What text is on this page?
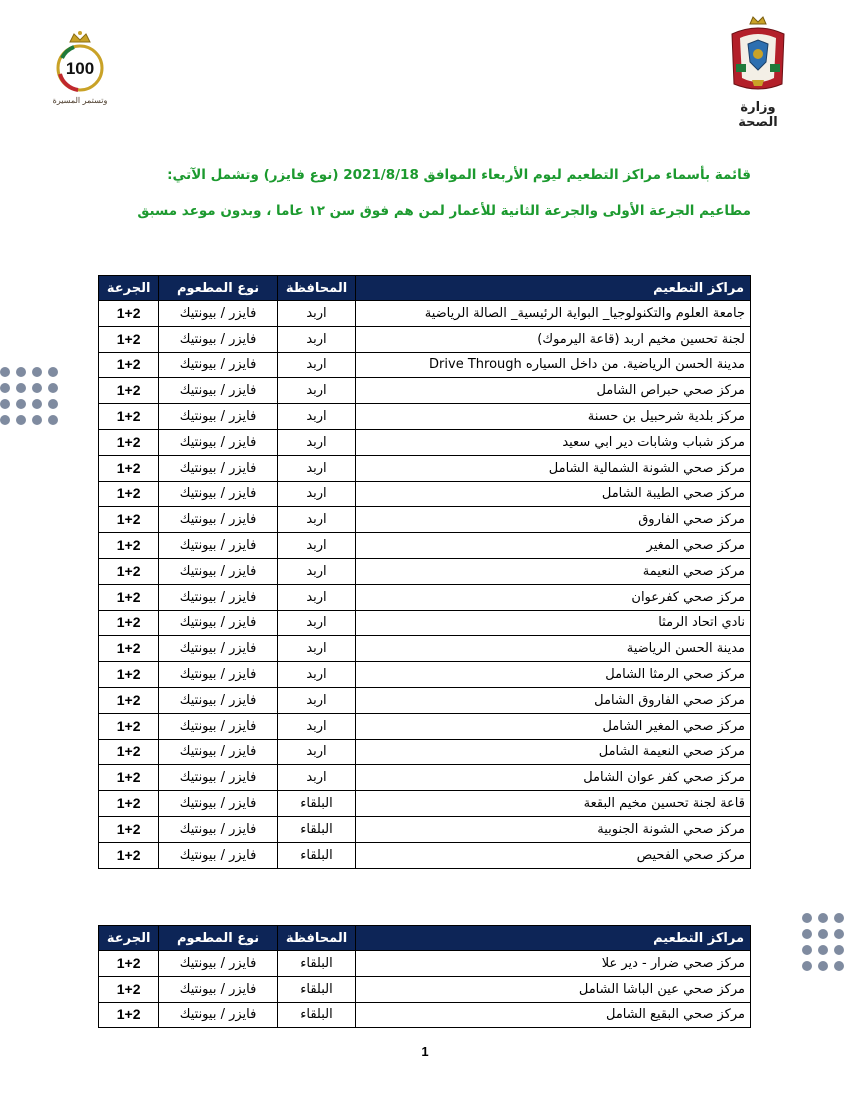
100
وتستمر المسيرة	وزارة الصحة
قائمة بأسماء مراكز التطعيم ليوم الأربعاء الموافق 2021/8/18 (نوع فايزر) وتشمل الآتي:
مطاعيم الجرعة الأولى والجرعة الثانية للأعمار لمن هم فوق سن ١٢ عاما ، وبدون موعد مسبق
مراكز التطعيم	المحافظة	نوع المطعوم	الجرعة
جامعة العلوم والتكنولوجيا_ البواية الرئيسية_ الصالة الرياضية	اربد	فايزر / بيونتيك	1+2
لجنة تحسين مخيم اربد (قاعة اليرموك)	اربد	فايزر / بيونتيك	1+2
مدينة الحسن الرياضية. من داخل السياره Drive Through	اربد	فايزر / بيونتيك	1+2
مركز صحي حبراص الشامل	اربد	فايزر / بيونتيك	1+2
مركز بلدية شرحبيل بن حسنة	اربد	فايزر / بيونتيك	1+2
مركز شباب وشابات دير ابي سعيد	اربد	فايزر / بيونتيك	1+2
مركز صحي الشونة الشمالية الشامل	اربد	فايزر / بيونتيك	1+2
مركز صحي الطيبة الشامل	اربد	فايزر / بيونتيك	1+2
مركز صحي الفاروق	اربد	فايزر / بيونتيك	1+2
مركز صحي المغير	اربد	فايزر / بيونتيك	1+2
مركز صحي النعيمة	اربد	فايزر / بيونتيك	1+2
مركز صحي كفرعوان	اربد	فايزر / بيونتيك	1+2
نادي اتحاد الرمثا	اربد	فايزر / بيونتيك	1+2
مدينة الحسن الرياضية	اربد	فايزر / بيونتيك	1+2
مركز صحي الرمثا الشامل	اربد	فايزر / بيونتيك	1+2
مركز صحي الفاروق الشامل	اربد	فايزر / بيونتيك	1+2
مركز صحي المغير الشامل	اربد	فايزر / بيونتيك	1+2
مركز صحي النعيمة الشامل	اربد	فايزر / بيونتيك	1+2
مركز صحي كفر عوان الشامل	اربد	فايزر / بيونتيك	1+2
قاعة لجنة تحسين مخيم البقعة	البلقاء	فايزر / بيونتيك	1+2
مركز صحي الشونة الجنوبية	البلقاء	فايزر / بيونتيك	1+2
مركز صحي الفحيص	البلقاء	فايزر / بيونتيك	1+2
مراكز التطعيم	المحافظة	نوع المطعوم	الجرعة
مركز صحي ضرار - دير علا	البلقاء	فايزر / بيونتيك	1+2
مركز صحي عين الباشا الشامل	البلقاء	فايزر / بيونتيك	1+2
مركز صحي البقيع الشامل	البلقاء	فايزر / بيونتيك	1+2
1
